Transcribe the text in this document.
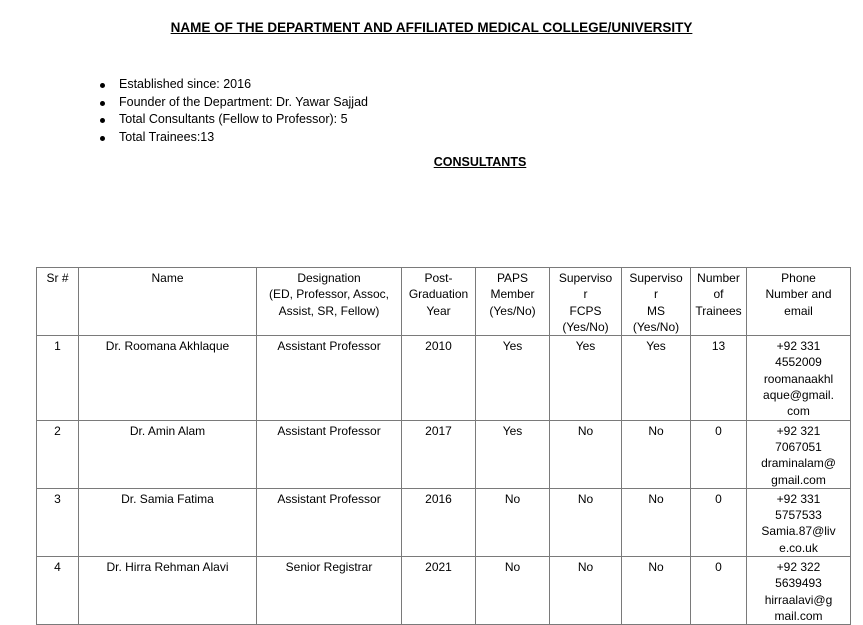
NAME OF THE DEPARTMENT AND AFFILIATED MEDICAL COLLEGE/UNIVERSITY
Established since: 2016
Founder of the Department: Dr. Yawar Sajjad
Total Consultants (Fellow to Professor): 5
Total Trainees:13
CONSULTANTS
Sr #	Name	Designation
(ED, Professor, Assoc,
Assist, SR, Fellow)	Post-
Graduation
Year	PAPS
Member
(Yes/No)	Superviso
r
FCPS
(Yes/No)	Superviso
r
MS
(Yes/No)	Number
of
Trainees	Phone
Number and
email

1	Dr. Roomana Akhlaque	Assistant Professor	2010	Yes	Yes	Yes	13	+92 331
4552009
roomanaakhl
aque@gmail.
com

2	Dr. Amin Alam	Assistant Professor	2017	Yes	No	No	0	+92 321
7067051
draminalam@
gmail.com

3	Dr. Samia Fatima	Assistant Professor	2016	No	No	No	0	+92 331
5757533
Samia.87@liv
e.co.uk

4	Dr. Hirra Rehman Alavi	Senior Registrar	2021	No	No	No	0	+92 322
5639493
hirraalavi@g
mail.com
